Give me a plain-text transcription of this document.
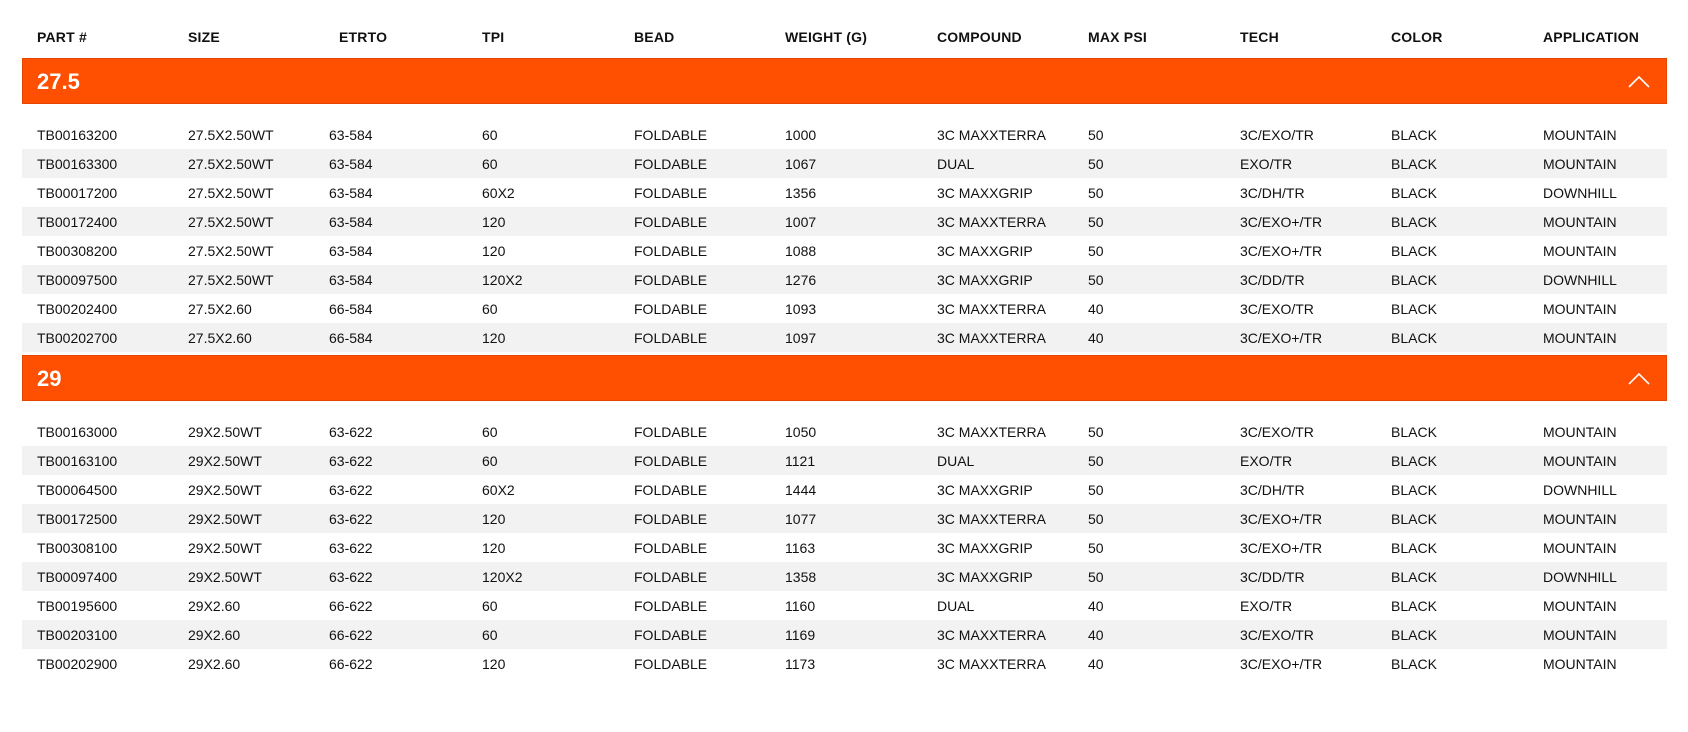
PART #	SIZE	ETRTO	TPI	BEAD	WEIGHT (G)	COMPOUND	MAX PSI	TECH	COLOR	APPLICATION
27.5
TB00163200	27.5X2.50WT	63-584	60	FOLDABLE	1000	3C MAXXTERRA	50	3C/EXO/TR	BLACK	MOUNTAIN
TB00163300	27.5X2.50WT	63-584	60	FOLDABLE	1067	DUAL	50	EXO/TR	BLACK	MOUNTAIN
TB00017200	27.5X2.50WT	63-584	60X2	FOLDABLE	1356	3C MAXXGRIP	50	3C/DH/TR	BLACK	DOWNHILL
TB00172400	27.5X2.50WT	63-584	120	FOLDABLE	1007	3C MAXXTERRA	50	3C/EXO+/TR	BLACK	MOUNTAIN
TB00308200	27.5X2.50WT	63-584	120	FOLDABLE	1088	3C MAXXGRIP	50	3C/EXO+/TR	BLACK	MOUNTAIN
TB00097500	27.5X2.50WT	63-584	120X2	FOLDABLE	1276	3C MAXXGRIP	50	3C/DD/TR	BLACK	DOWNHILL
TB00202400	27.5X2.60	66-584	60	FOLDABLE	1093	3C MAXXTERRA	40	3C/EXO/TR	BLACK	MOUNTAIN
TB00202700	27.5X2.60	66-584	120	FOLDABLE	1097	3C MAXXTERRA	40	3C/EXO+/TR	BLACK	MOUNTAIN
29
TB00163000	29X2.50WT	63-622	60	FOLDABLE	1050	3C MAXXTERRA	50	3C/EXO/TR	BLACK	MOUNTAIN
TB00163100	29X2.50WT	63-622	60	FOLDABLE	1121	DUAL	50	EXO/TR	BLACK	MOUNTAIN
TB00064500	29X2.50WT	63-622	60X2	FOLDABLE	1444	3C MAXXGRIP	50	3C/DH/TR	BLACK	DOWNHILL
TB00172500	29X2.50WT	63-622	120	FOLDABLE	1077	3C MAXXTERRA	50	3C/EXO+/TR	BLACK	MOUNTAIN
TB00308100	29X2.50WT	63-622	120	FOLDABLE	1163	3C MAXXGRIP	50	3C/EXO+/TR	BLACK	MOUNTAIN
TB00097400	29X2.50WT	63-622	120X2	FOLDABLE	1358	3C MAXXGRIP	50	3C/DD/TR	BLACK	DOWNHILL
TB00195600	29X2.60	66-622	60	FOLDABLE	1160	DUAL	40	EXO/TR	BLACK	MOUNTAIN
TB00203100	29X2.60	66-622	60	FOLDABLE	1169	3C MAXXTERRA	40	3C/EXO/TR	BLACK	MOUNTAIN
TB00202900	29X2.60	66-622	120	FOLDABLE	1173	3C MAXXTERRA	40	3C/EXO+/TR	BLACK	MOUNTAIN
